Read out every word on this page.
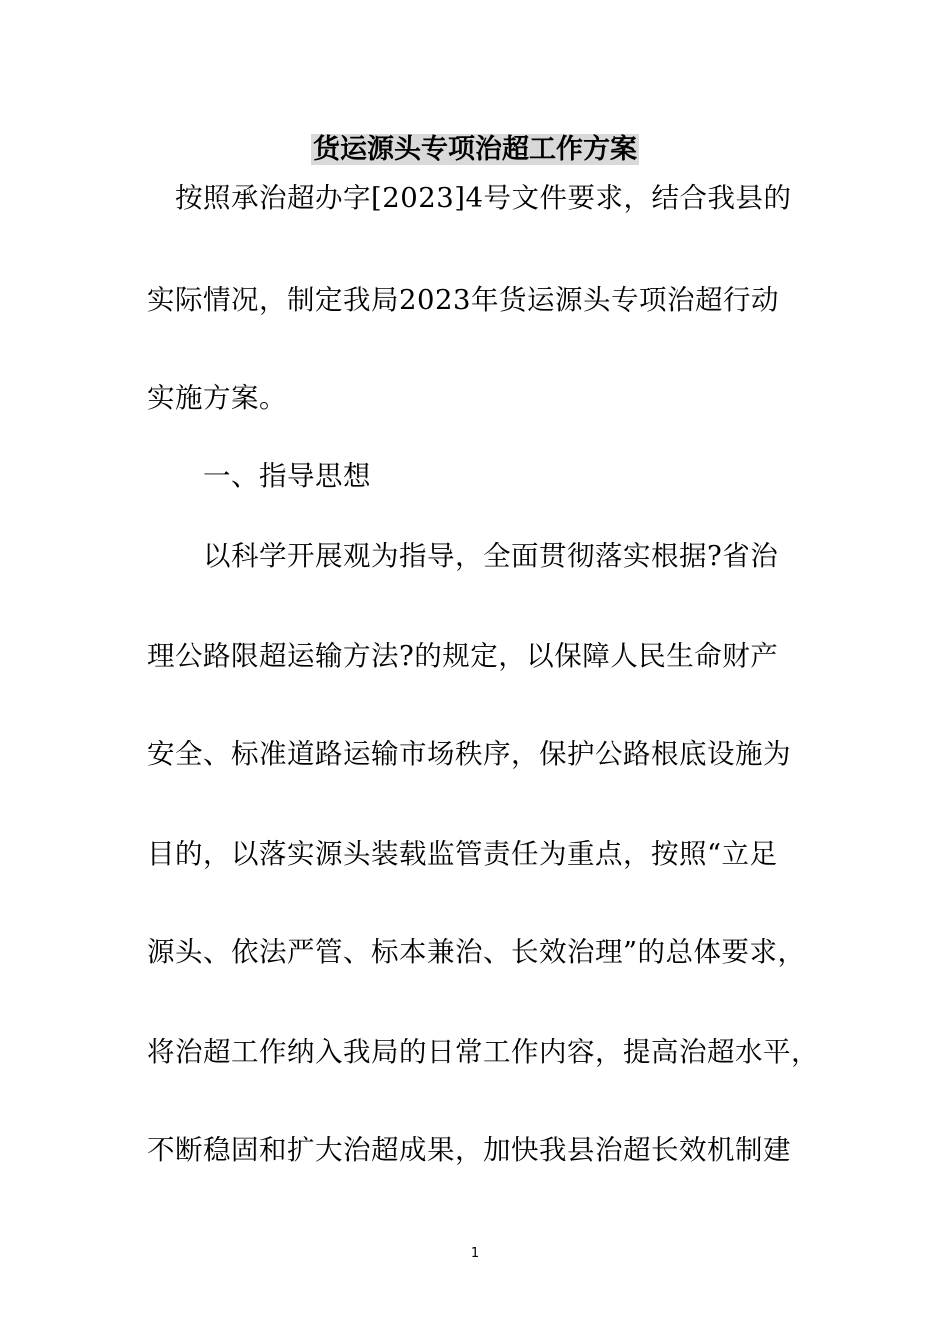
货运源头专项治超工作方案
　按照承治超办字[2023]4号文件要求，结合我县的
实际情况，制定我局2023年货运源头专项治超行动
实施方案。
　　一、指导思想
　　以科学开展观为指导，全面贯彻落实根据?省治
理公路限超运输方法?的规定，以保障人民生命财产
安全、标准道路运输市场秩序，保护公路根底设施为
目的，以落实源头装载监管责任为重点，按照“立足
源头、依法严管、标本兼治、长效治理”的总体要求，
将治超工作纳入我局的日常工作内容，提高治超水平，
不断稳固和扩大治超成果，加快我县治超长效机制建
1
